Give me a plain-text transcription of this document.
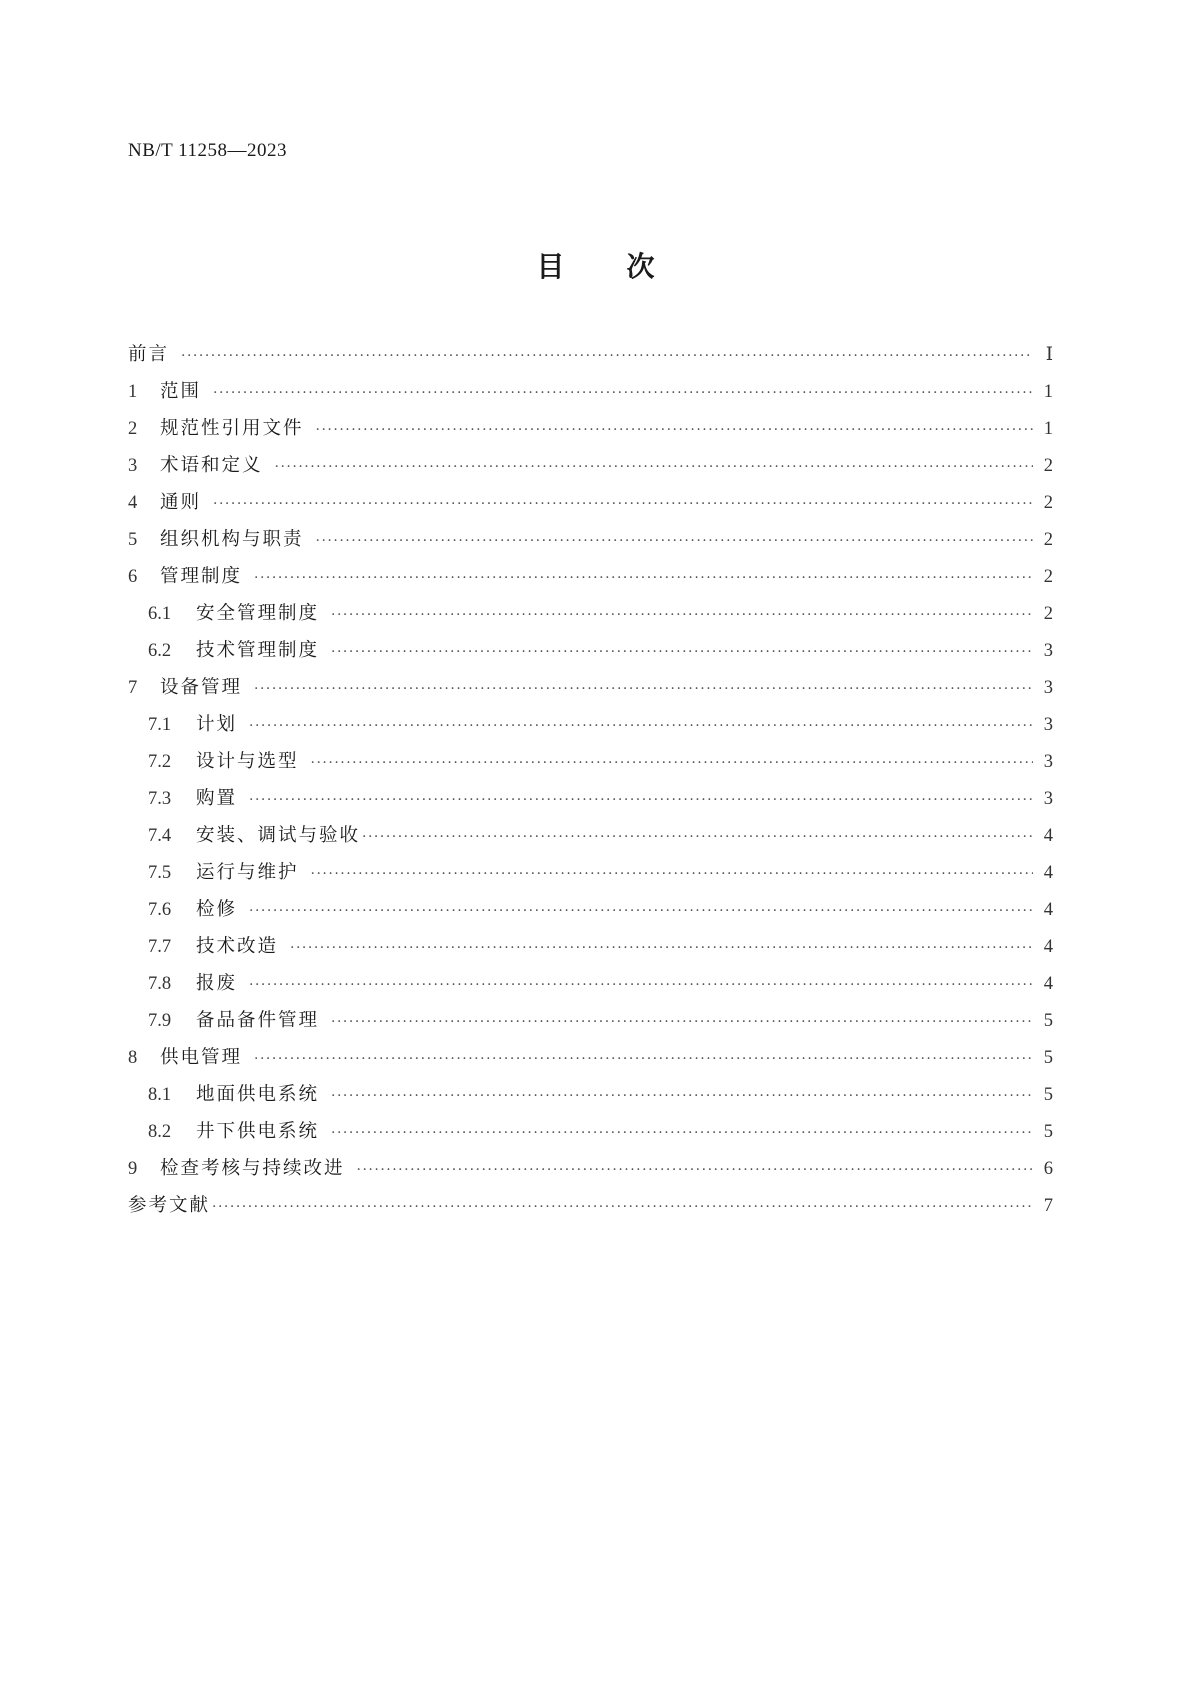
NB/T 11258—2023
目 次
前言 ·····	Ⅰ
1	范围 ·····	1
2	规范性引用文件 ·····	1
3	术语和定义 ·····	2
4	通则 ·····	2
5	组织机构与职责 ·····	2
6	管理制度 ·····	2
6.1	安全管理制度 ·····	2
6.2	技术管理制度 ·····	3
7	设备管理 ·····	3
7.1	计划 ·····	3
7.2	设计与选型 ·····	3
7.3	购置 ·····	3
7.4	安装、调试与验收 ·····	4
7.5	运行与维护 ·····	4
7.6	检修 ·····	4
7.7	技术改造 ·····	4
7.8	报废 ·····	4
7.9	备品备件管理 ·····	5
8	供电管理 ·····	5
8.1	地面供电系统 ·····	5
8.2	井下供电系统 ·····	5
9	检查考核与持续改进 ·····	6
参考文献 ·····	7
